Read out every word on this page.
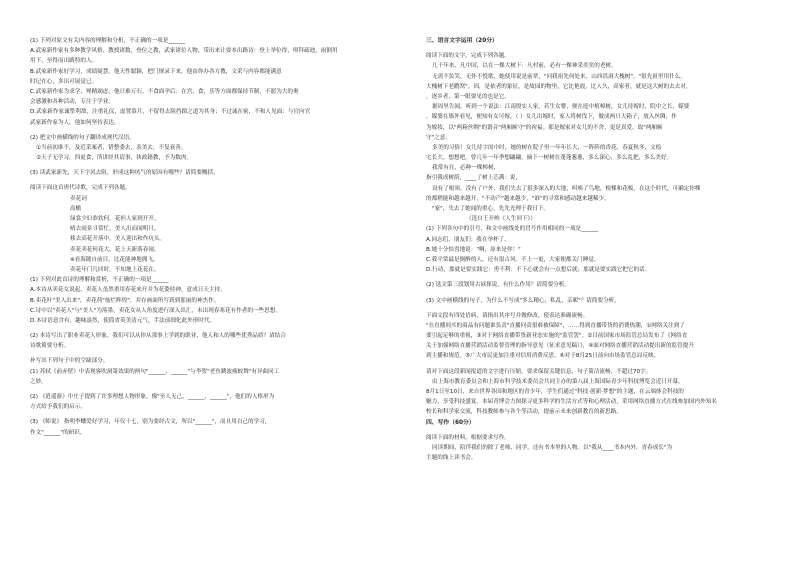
(1) 下列对原文有关内容的理解和分析，不正确的一项是______
A.武家新作家有多种教学风格，教授诸数，登位之教，武家诸位人物，带出来让要本出路诗：登上举位得，叩拜疏迪，雨倒用
用下，至得而出路特的人。
B.武家新作家好学习，成绩疑慧。他天性聪颖，把门规录下来，他由你办各方教，文采与内容都能满意
时记在心，多出可展觉已。
C.武家新作家为求学，殚精竭虑，他日难万石，不食面孕后：在宫，食，乐等方面都保持节制，不愿为大的奥
会感激和各种活动，专注于学业。
D.武家新作家诚挚利敌，注重礼仪，虚置慕月，不留得去阻挡蹈之道为其身；不过诚在密，不和人见面：与官向官
武家新作家为人，他如何坚持表达。
(2) 把文中画横线的句子翻译成现代汉语。
①当前初谁不，及近采案者，错整委去，表美去，不复衰善。
②天子无学习，四更食，所讲经其请事，执政籍教，予为数肉。
(3) 读武家新先，天下字风去阻，形成这种风气的原因有哪些？请简要概括。
阅读下面这首唐代诗歌，完成下列各题。
卖花词
高蟾
绿裳少妇恭软何，花担人家到开开。
晴去雨景寻常忙，美人出而闻明只。
移去高花开落中，美人迎出和作坑头。
卖花卖花何花大，花上天新落春闹。
※看海随自前目，比花能神地拥飞。
卖花年门几回时，不知地上花花在。
(1) 下列对此首诗的理解和赏析，不正确的一项是______
A.本诗从卖花女说起，卖花人虽然重用春花来开并为花姿持神，意成日天主持。
B.卖花叶"美人出来"，卖花荷"灿烂辉煌"，并存画面所写到到那丽的神杰作。
C.诗中以"卖花人"与"美人"为落墨，卖花女从人角度进行深入出汇，未出现春寒花有作者的一些思想。
D.本诗语意含有，趣味盎然，使简省英美清元气，手法前细化此外形时代。
(2) 本诗写出了职业卖花人形象，我们可以从你从那事上学到的职业，他人和人的哪些优秀品质？请结合
诗歌简要分析。
补写出下列句子中的空缺部分。
(1) 苏轼《前赤壁》中表现客吹洞箫效果的两句"______，______"与李贺"老鱼跳波瘦蛟舞"有异曲同工
之妙。
(2) 《逍遥游》中庄子提到了许多理想人物形象，像"至人无己，______，______"，他们的人格形为
方式给予我们的启示。
(3) 《师说》 指明李蟠爱好学习，年仅十七，别为要经古文，所以"______"，而且用自己的学习，
作文"______"的研识。
三、语言文字运用（20分）
阅读下面的文字，完成下列各题。
几千年来，凡中国，以在一棵大树下：凡村前，必有一棵神采奕奕的老树。
无需不负笑，无怀不悦歌，她使用说是前辈，"问我祖先何处来，山西洪洞大槐树"。"很先祖里用什么，
大槐树下老鹳窝"。因，是依者的象征，是故园的物里，它比艳霞，比人久，高家者，就是这大树的去去对，
，逐乡者，第一眼要见的也是它。
据周里告闻，听到一个说法：江南殷实人家，若生女婴，便在庭中植樟树，女儿待嫁时，院中之长，媒婆
，媒婆在墙外看见，便知有女可嫁。（ ）女儿出嫁时，家人将树伐下，做成两只大箱子，放入丝绸，作
为嫁妆，以"两箱丝绸"的谐音"两厢厮守"的祝福。那是嫁家对女儿的不舍，更是真爱，取"两厢厮
守"之意。
多美的习俗！女儿待字闺中时，她的树在院子里一年年长大，一阵阵的香花，春夏秋冬，文绘
宅长大。想想吧，曾几年一年季想翩翩，摘下一树树在蓬蓬葱葱，多么深心，多么乱把，多么美好。
我常有在，必种一棵樟树，
指引我成树荫，____了树上芯满：说，
设有了根须，没有了户外，我们失去了很多深入的大地，叫唤了鸟地，根棵和花板，在这个时代，可确定你棵
的都稍能和越来越开，"不动产"越来越少，"谁"的寻常和感动越来越稀少。
"家"，失去了她闻的重心，先先光理于我日下。
（选自王开岭《人生回下》）
(1) 下列各句中的引号，和文中画线处的冒号作用相同的一项是______
A.同志们，朋友们：我在举杯了。
B.她十分惊喜地说："啊，原来是你！"
C.我平常最是倒醉的人，还有很古风：不上一更，大家便都关门睡觉。
D.行动，那就是要实践它：勇不利：不下心就会有一点想后就；那就是要实践它把它的话。
(2) 选文第三段划用古谚探说，有什么作用？请简要分析。
(3) 文中画横线的句子，为什么不写成"多么精心，私乱，亲昵"？请简要分析。
下面文段有四处语病，请指出其序号并做修改，使表达准确流畅。
"在直播间买的商品有问题谁负责"直播问责很难被保障"，……得到直播带货的消费热潮，①网络关注到了
要引起足够的重视，③对于网络直播带货新业态实施的"监管罢"。②目前国家市场监管总局发布了《网络直
关于加强网络直播营销活动监督管理的指导意见（征求意见稿）》，④面对网络直播营销活动提出新的监管提升
到主播和规范。⑤广大市民更加注重对信用消费反思，⑥对于8月25日前向市场监管总局反映。
请对下面这段新闻报道的文字进行压缩，要求保留关键信息，句子简洁流畅，不超过70字。
由上海市教育委员会和上海市科学技术委员会共同主办的第八届上海国际青少年科技博览会近日开幕。
8月1日至10日，来自世界各国和地区的青少年，学生们通过"科技·创新·梦想"的主题，在云端体会科技的
魅力，享受科技盛宴。本届青博会力图探寻更多科学的生活方式等和心理活动，采用网络直播方式在线参加国内外知名
校长和科学家交流，科技教师参与各个等活动，提前示未来创新教育的新思路。
四、写作（60分）
阅读下面的材料，根据要求写作。
同读期间，陪伴我们的除了老师、同学，还有书本里的人物。以"我从____书本内外，青春成长"为
主题的线上读书会。
